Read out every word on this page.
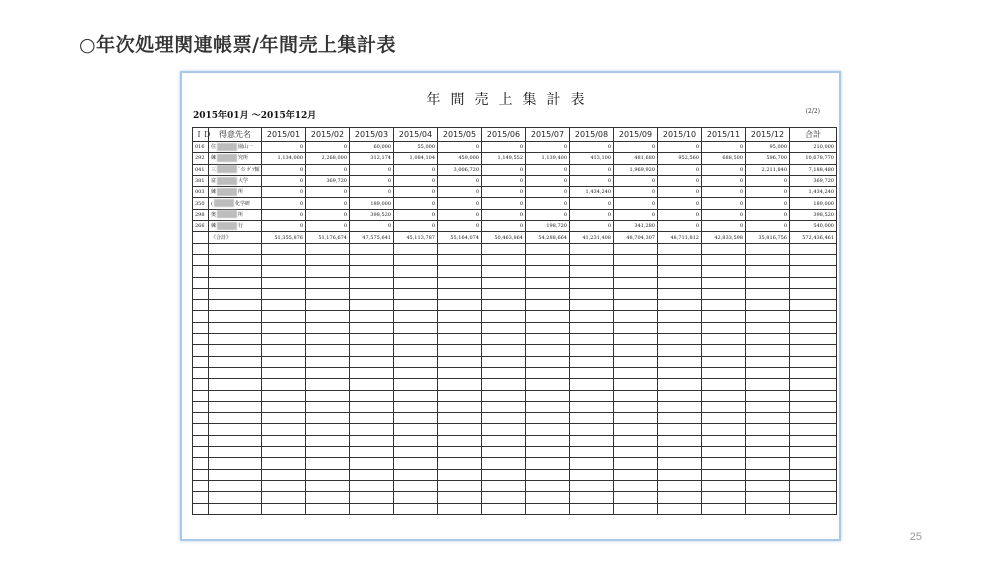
○年次処理関連帳票/年間売上集計表
年間売上集計表
2015年01月 ～2015年12月	(2/2)
ＩＤ	得意先名	2015/01	2015/02	2015/03	2015/04	2015/05	2015/06	2015/07	2015/08	2015/09	2015/10	2015/11	2015/12	合計
016	住 園山一	0	0	60,000	55,000	0	0	0	0	0	0	0	95,000	210,000
292	練 究所	1,134,000	2,268,000	312,174	1,084,104	459,000	1,149,552	1,139,400	413,100	481,680	952,560	688,500	596,700	10,678,770
041	三 ﾞｲｼ ｶﾞﾂ館	0	0	0	0	3,006,720	0	0	0	1,969,920	0	0	2,211,840	7,188,480
381	富 大学	0	369,720	0	0	0	0	0	0	0	0	0	0	369,720
003	練 所	0	0	0	0	0	0	0	1,434,240	0	0	0	0	1,434,240
350	( 化学研	0	0	189,000	0	0	0	0	0	0	0	0	0	189,000
298	奥 所	0	0	398,520	0	0	0	0	0	0	0	0	0	398,520
266	練 行	0	0	0	0	0	0	198,720	0	341,280	0	0	0	540,000
	《合計》	51,355,876	51,176,674	47,575,641	45,113,787	55,164,074	50,463,864	54,288,664	41,231,408	48,704,307	48,711,812	42,833,598	35,816,756	572,436,461

25
